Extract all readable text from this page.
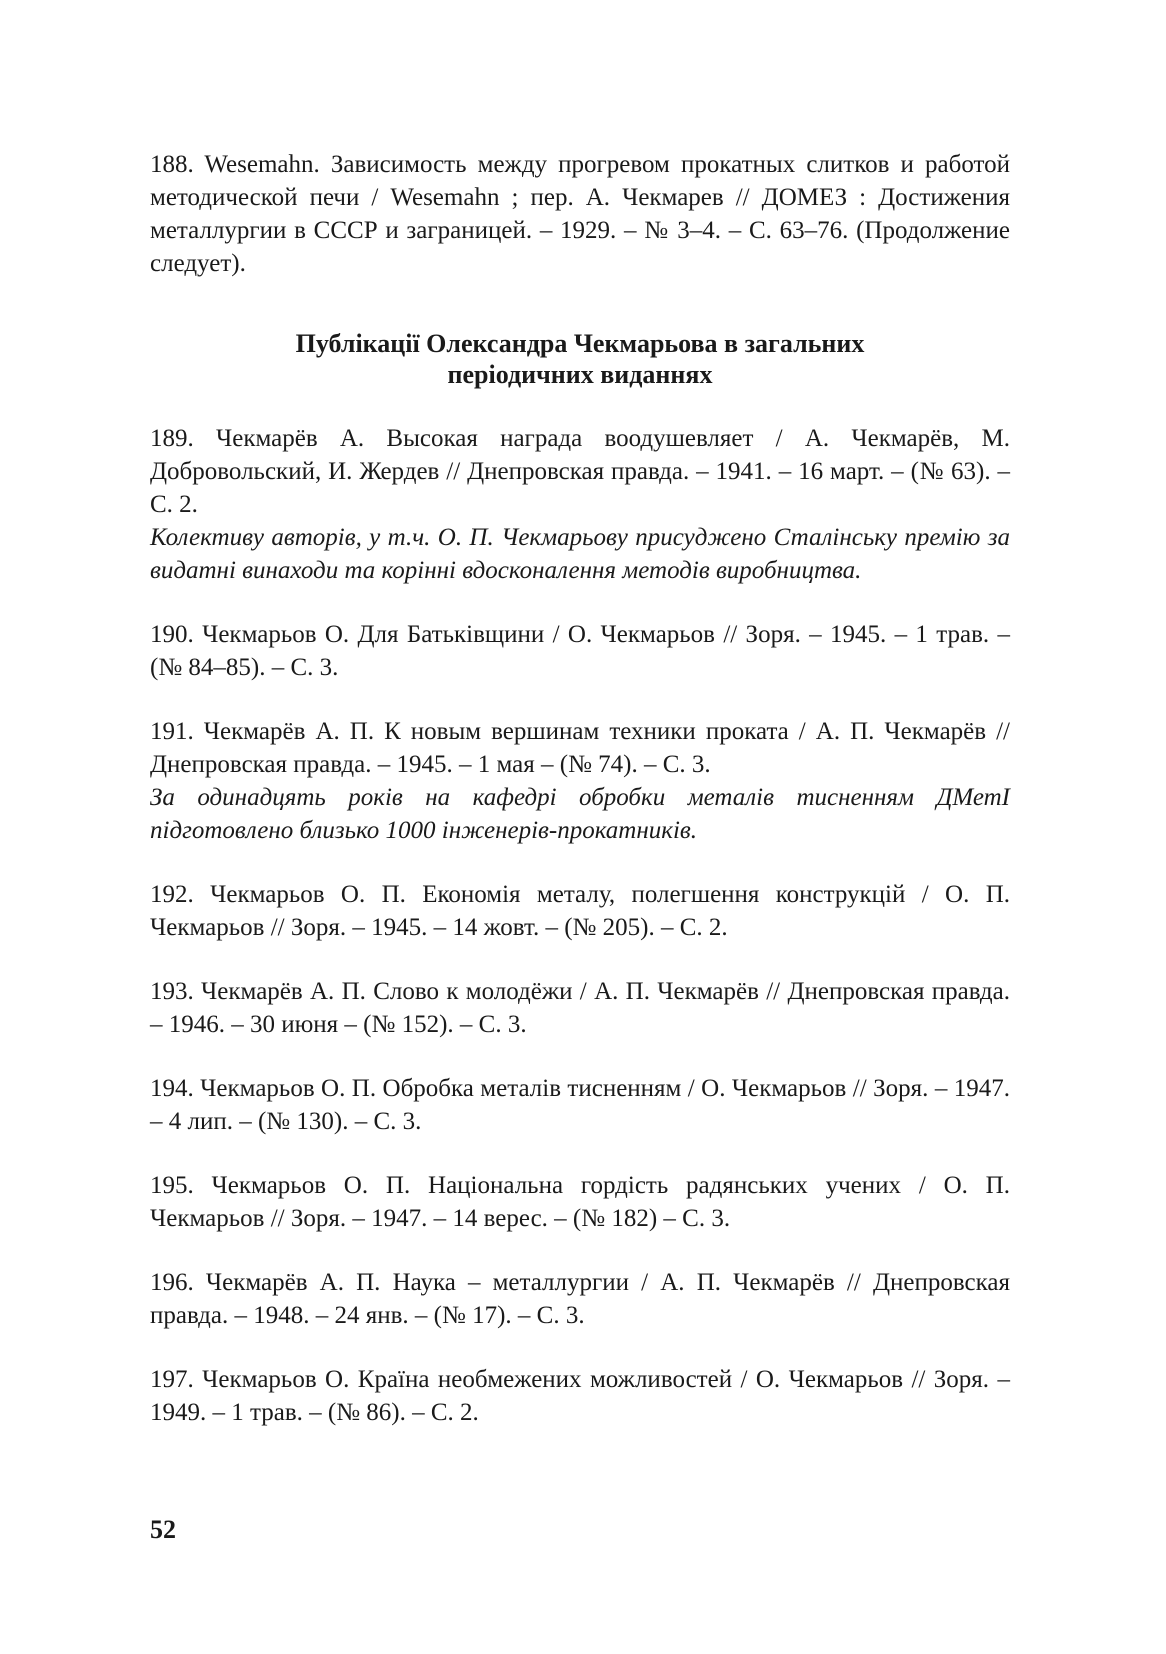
188. Wesemahn. Зависимость между прогревом прокатных слитков и работой методической печи / Wesemahn ; пер. А. Чекмарев // ДОМЕЗ : Достижения металлургии в СССР и заграницей. – 1929. – № 3–4. – С. 63–76. (Продолжение следует).

Публікації Олександра Чекмарьова в загальних
періодичних виданнях

189. Чекмарёв А. Высокая награда воодушевляет / А. Чекмарёв, М. Добровольский, И. Жердев // Днепровская правда. – 1941. – 16 март. – (№ 63). – С. 2.

Колективу авторів, у т.ч. О. П. Чекмарьову присуджено Сталінську премію за видатні винаходи та корінні вдосконалення методів виробництва.

190. Чекмарьов О. Для Батьківщини / О. Чекмарьов // Зоря. – 1945. – 1 трав. – (№ 84–85). – С. 3.

191. Чекмарёв А. П. К новым вершинам техники проката / А. П. Чекмарёв // Днепровская правда. – 1945. – 1 мая – (№ 74). – С. 3.

За одинадцять років на кафедрі обробки металів тисненням ДМетІ підготовлено близько 1000 інженерів-прокатників.

192. Чекмарьов О. П. Економія металу, полегшення конструкцій / О. П. Чекмарьов // Зоря. – 1945. – 14 жовт. – (№ 205). – С. 2.

193. Чекмарёв А. П. Слово к молодёжи / А. П. Чекмарёв // Днепровская правда. – 1946. – 30 июня – (№ 152). – С. 3.

194. Чекмарьов О. П. Обробка металів тисненням / О. Чекмарьов // Зоря. – 1947. – 4 лип. – (№ 130). – С. 3.

195. Чекмарьов О. П. Національна гордість радянських учених / О. П. Чекмарьов // Зоря. – 1947. – 14 верес. – (№ 182) – С. 3.

196. Чекмарёв А. П. Наука – металлургии / А. П. Чекмарёв // Днепровская правда. – 1948. – 24 янв. – (№ 17). – С. 3.

197. Чекмарьов О. Країна необмежених можливостей / О. Чекмарьов // Зоря. – 1949. – 1 трав. – (№ 86). – С. 2.

52
